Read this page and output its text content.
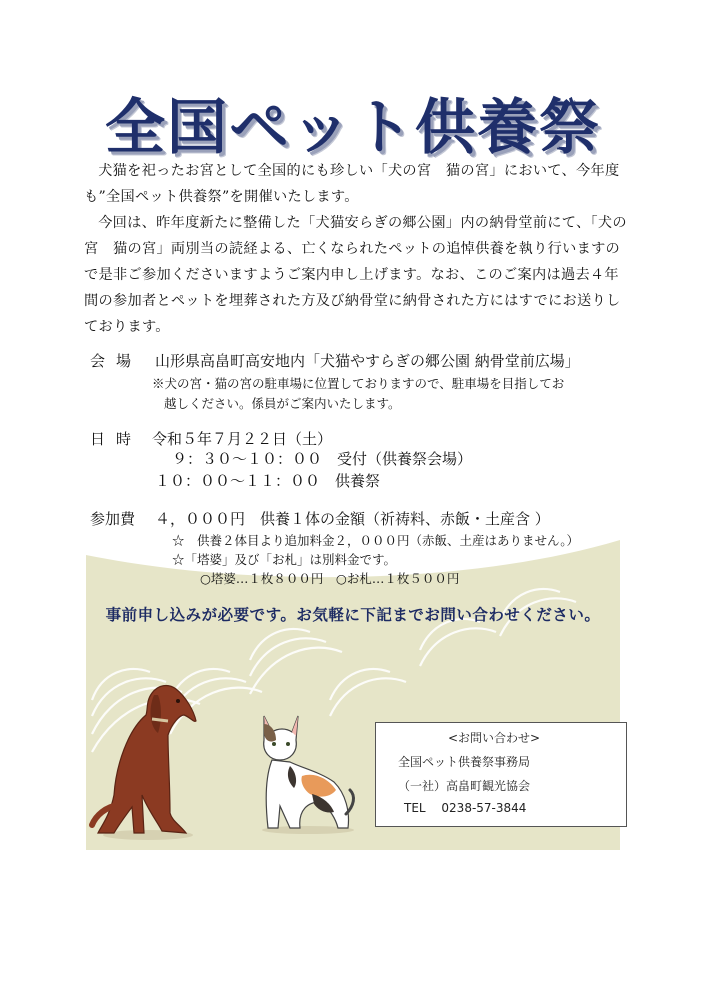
全国ペット供養祭

犬猫を祀ったお宮として全国的にも珍しい「犬の宮　猫の宮」において、今年度も”全国ペット供養祭”を開催いたします。

今回は、昨年度新たに整備した「犬猫安らぎの郷公園」内の納骨堂前にて、「犬の宮　猫の宮」両別当の読経よる、亡くなられたペットの追悼供養を執り行いますので是非ご参加くださいますようご案内申し上げます。なお、このご案内は過去４年間の参加者とペットを埋葬された方及び納骨堂に納骨された方にはすでにお送りしております。

会場 山形県高畠町高安地内「犬猫やすらぎの郷公園 納骨堂前広場」
※犬の宮・猫の宮の駐車場に位置しておりますので、駐車場を目指してお
越しください。係員がご案内いたします。
日時 令和５年７月２２日（土）
９：３０～１０：００　受付（供養祭会場）
１０：００～１１：００　供養祭
参加費 ４，０００円　供養１体の金額（祈祷料、赤飯・土産含 ）
☆　供養２体目より追加料金２，０００円（赤飯、土産はありません。）
☆「塔婆」及び「お札」は別料金です。
○塔婆…１枚８００円　○お札…１枚５００円
事前申し込みが必要です。お気軽に下記までお問い合わせください。
<お問い合わせ>
全国ペット供養祭事務局
（一社）高畠町観光協会
TEL　 0238-57-3844
